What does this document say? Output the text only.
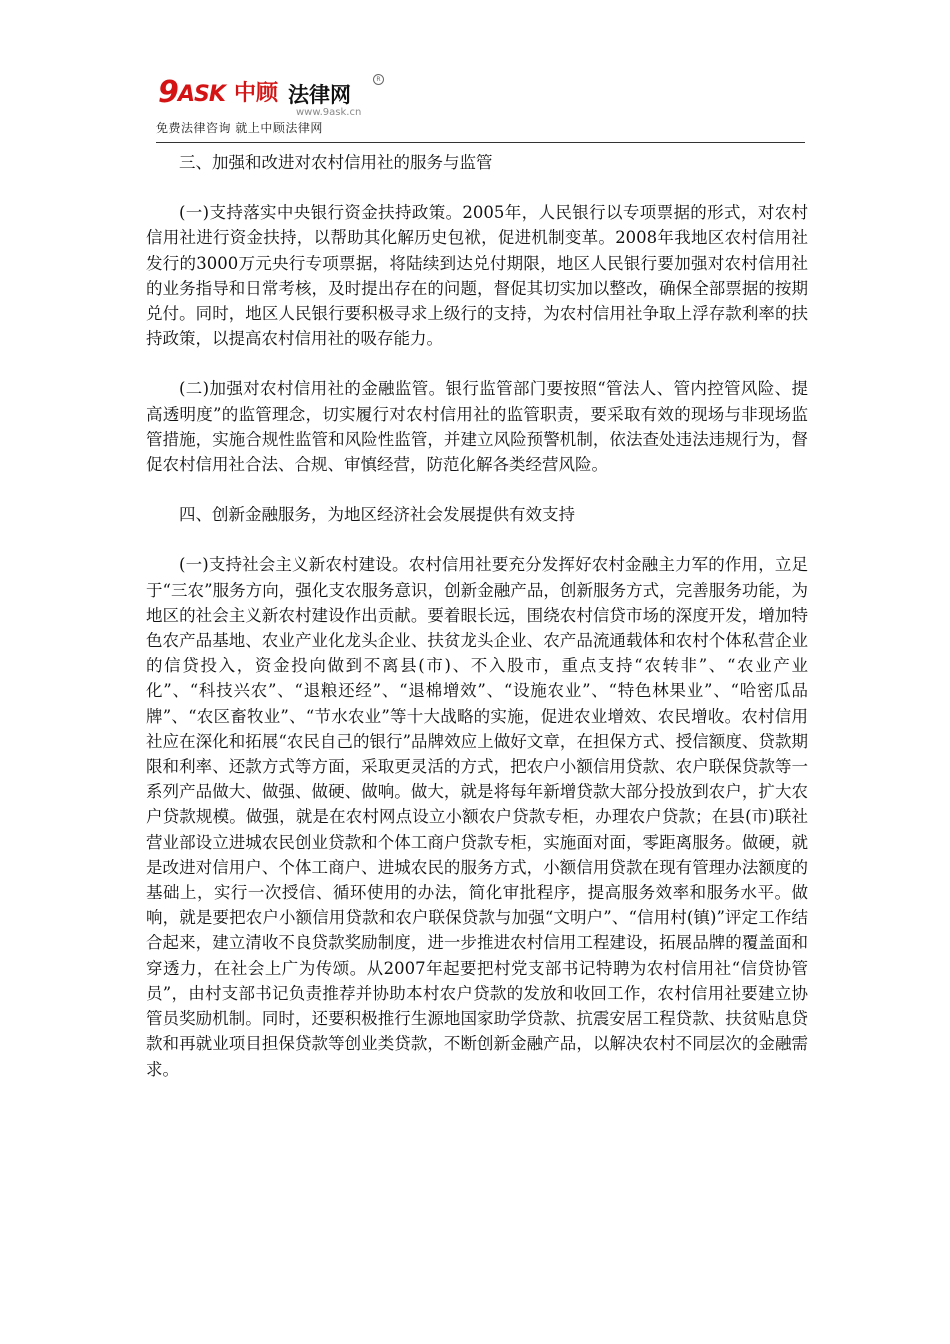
9 ASK 中顾 法律网
R
www.9ask.cn
免费法律咨询 就上中顾法律网

三、加强和改进对农村信用社的服务与监管

(一)支持落实中央银行资金扶持政策。2005年，人民银行以专项票据的形式，对农村信用社进行资金扶持，以帮助其化解历史包袱，促进机制变革。2008年我地区农村信用社发行的3000万元央行专项票据，将陆续到达兑付期限，地区人民银行要加强对农村信用社的业务指导和日常考核，及时提出存在的问题，督促其切实加以整改，确保全部票据的按期兑付。同时，地区人民银行要积极寻求上级行的支持，为农村信用社争取上浮存款利率的扶持政策，以提高农村信用社的吸存能力。

(二)加强对农村信用社的金融监管。银行监管部门要按照“管法人、管内控管风险、提高透明度”的监管理念，切实履行对农村信用社的监管职责，要采取有效的现场与非现场监管措施，实施合规性监管和风险性监管，并建立风险预警机制，依法查处违法违规行为，督促农村信用社合法、合规、审慎经营，防范化解各类经营风险。

四、创新金融服务，为地区经济社会发展提供有效支持

(一)支持社会主义新农村建设。农村信用社要充分发挥好农村金融主力军的作用，立足于“三农”服务方向，强化支农服务意识，创新金融产品，创新服务方式，完善服务功能，为地区的社会主义新农村建设作出贡献。要着眼长远，围绕农村信贷市场的深度开发，增加特色农产品基地、农业产业化龙头企业、扶贫龙头企业、农产品流通载体和农村个体私营企业的信贷投入，资金投向做到不离县(市)、不入股市，重点支持“农转非”、“农业产业化”、“科技兴农”、“退粮还经”、“退棉增效”、“设施农业”、“特色林果业”、“哈密瓜品牌”、“农区畜牧业”、“节水农业”等十大战略的实施，促进农业增效、农民增收。农村信用社应在深化和拓展“农民自己的银行”品牌效应上做好文章，在担保方式、授信额度、贷款期限和利率、还款方式等方面，采取更灵活的方式，把农户小额信用贷款、农户联保贷款等一系列产品做大、做强、做硬、做响。做大，就是将每年新增贷款大部分投放到农户，扩大农户贷款规模。做强，就是在农村网点设立小额农户贷款专柜，办理农户贷款；在县(市)联社营业部设立进城农民创业贷款和个体工商户贷款专柜，实施面对面，零距离服务。做硬，就是改进对信用户、个体工商户、进城农民的服务方式，小额信用贷款在现有管理办法额度的基础上，实行一次授信、循环使用的办法，简化审批程序，提高服务效率和服务水平。做响，就是要把农户小额信用贷款和农户联保贷款与加强“文明户”、“信用村(镇)”评定工作结合起来，建立清收不良贷款奖励制度，进一步推进农村信用工程建设，拓展品牌的覆盖面和穿透力，在社会上广为传颂。从2007年起要把村党支部书记特聘为农村信用社“信贷协管员”，由村支部书记负责推荐并协助本村农户贷款的发放和收回工作，农村信用社要建立协管员奖励机制。同时，还要积极推行生源地国家助学贷款、抗震安居工程贷款、扶贫贴息贷款和再就业项目担保贷款等创业类贷款，不断创新金融产品，以解决农村不同层次的金融需求。
